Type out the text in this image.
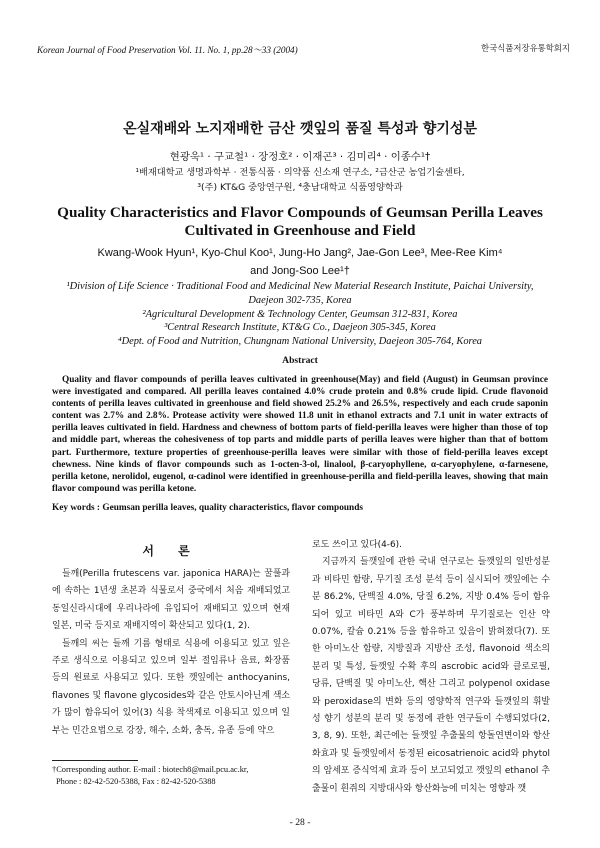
Korean Journal of Food Preservation Vol. 11. No. 1, pp.28～33 (2004)	한국식품저장유통학회지
온실재배와 노지재배한 금산 깻잎의 품질 특성과 향기성분
현광욱¹ · 구교철¹ · 장정호² · 이재곤³ · 김미리⁴ · 이종수¹†
¹배재대학교 생명과학부 · 전통식품 · 의약품 신소재 연구소, ²금산군 농업기술센타,
³(주) KT&G 중앙연구원, ⁴충남대학교 식품영양학과
Quality Characteristics and Flavor Compounds of Geumsan Perilla Leaves Cultivated in Greenhouse and Field
Kwang-Wook Hyun¹, Kyo-Chul Koo¹, Jung-Ho Jang², Jae-Gon Lee³, Mee-Ree Kim⁴
and Jong-Soo Lee¹†
¹Division of Life Science · Traditional Food and Medicinal New Material Research Institute, Paichai University,
Daejeon 302-735, Korea
²Agricultural Development & Technology Center, Geumsan 312-831, Korea
³Central Research Institute, KT&G Co., Daejeon 305-345, Korea
⁴Dept. of Food and Nutrition, Chungnam National University, Daejeon 305-764, Korea
Abstract
Quality and flavor compounds of perilla leaves cultivated in greenhouse(May) and field (August) in Geumsan province were investigated and compared. All perilla leaves contained 4.0% crude protein and 0.8% crude lipid. Crude flavonoid contents of perilla leaves cultivated in greenhouse and field showed 25.2% and 26.5%, respectively and each crude saponin content was 2.7% and 2.8%. Protease activity were showed 11.8 unit in ethanol extracts and 7.1 unit in water extracts of perilla leaves cultivated in field. Hardness and chewness of bottom parts of field-perilla leaves were higher than those of top and middle part, whereas the cohesiveness of top parts and middle parts of perilla leaves were higher than that of bottom part. Furthermore, texture properties of greenhouse-perilla leaves were similar with those of field-perilla leaves except chewness. Nine kinds of flavor compounds such as 1-octen-3-ol, linalool, β-caryophyllene, α-caryophylene, α-farnesene, perilla ketone, nerolidol, eugenol, α-cadinol were identified in greenhouse-perilla and field-perilla leaves, showing that main flavor compound was perilla ketone.
Key words : Geumsan perilla leaves, quality characteristics, flavor compounds
서 론

들깨(Perilla frutescens var. japonica HARA)는 꿀풀과에 속하는 1년생 초본과 식물로서 중국에서 처음 재배되었고 동일신라시대에 우리나라에 유입되어 재배되고 있으며 현재 일본, 미국 등지로 재배지역이 확산되고 있다(1, 2).

들깨의 씨는 들깨 기름 형태로 식용에 이용되고 있고 잎은 주로 생식으로 이용되고 있으며 일부 절임류나 음료, 화장품 등의 원료로 사용되고 있다. 또한 깻잎에는 anthocyanins, flavones 및 flavone glycosides와 같은 안토시아닌계 색소가 많이 함유되어 있어(3) 식용 착색제로 이용되고 있으며 일부는 민간요법으로 강장, 해수, 소화, 충독, 유종 등에 약으

로도 쓰이고 있다(4-6).

지금까지 들깻잎에 관한 국내 연구로는 들깻잎의 일반성분과 비타민 함량, 무기질 조성 분석 등이 실시되어 깻잎에는 수분 86.2%, 단백질 4.0%, 당질 6.2%, 지방 0.4% 등이 함유되어 있고 비타민 A와 C가 풍부하며 무기질로는 인산 약 0.07%, 칼슘 0.21% 등을 함유하고 있음이 밝혀졌다(7). 또한 아미노산 함량, 지방질과 지방산 조성, flavonoid 색소의 분리 및 특성, 들깻잎 수확 후의 ascrobic acid와 클로로필, 당류, 단백질 및 아미노산, 핵산 그리고 polypenol oxidase와 peroxidase의 변화 등의 영양학적 연구와 들깻잎의 휘발성 향기 성분의 분리 및 동정에 관한 연구들이 수행되었다(2, 3, 8, 9). 또한, 최근에는 들깻잎 추출물의 항돌연변이와 항산화효과 및 들깻잎에서 동정된 eicosatrienoic acid와 phytol의 암세포 증식억제 효과 등이 보고되었고 깻잎의 ethanol 추출물이 흰쥐의 지방대사와 항산화능에 미치는 영향과 깻

†Corresponding author. E-mail : biotech8@mail.pcu.ac.kr,
Phone : 82-42-520-5388, Fax : 82-42-520-5388
- 28 -
